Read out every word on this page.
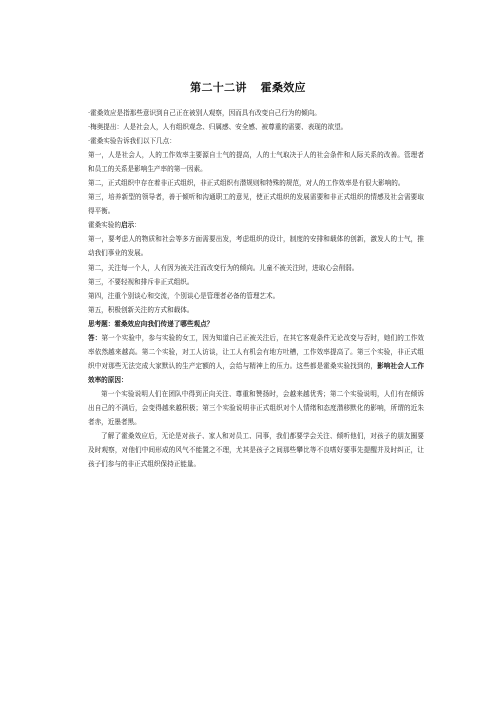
第二十二讲 霍桑效应

·霍桑效应是指那些意识到自己正在被别人观察，因而具有改变自己行为的倾向。

·梅奥提出：人是社会人，人有组织观念、归属感、安全感、被尊重的需要、表现的欲望。

·霍桑实验告诉我们以下几点：

第一，人是社会人，人的工作效率主要源自士气的提高，人的士气取决于人的社会条件和人际关系的改善。管理者和员工的关系是影响生产率的第一因素。

第二，正式组织中存在着非正式组织，非正式组织有潜规则和特殊的规范，对人的工作效率是有很大影响的。

第三，培养新型的领导者，善于倾听和沟通职工的意见，使正式组织的发展需要和非正式组织的情感及社会需要取得平衡。

霍桑实验的启示：

第一，要考虑人的物质和社会等多方面需要出发，考虑组织的设计，制度的安排和载体的创新，激发人的士气，推动我们事业的发展。

第二，关注每一个人，人有因为被关注而改变行为的倾向。儿童不被关注时，进取心会削弱。

第三，不要轻视和排斥非正式组织。

第四，注重个别谈心和交流，个别谈心是管理者必备的管理艺术。

第五，积极创新关注的方式和载体。

思考题：霍桑效应向我们传递了哪些观点？

答：第一个实验中，参与实验的女工，因为知道自己正被关注后，在其它客观条件无论改变与否时，她们的工作效率依然越来越高。第二个实验，对工人访谈，让工人有机会有地方吐槽，工作效率提高了。第三个实验，非正式组织中对那些无法完成大家默认的生产定额的人，会给与精神上的压力。这些都是霍桑实验找到的，影响社会人工作效率的原因：

第一个实验说明人们在团队中得到正向关注、尊重和赞扬时，会越来越优秀；第二个实验说明，人们有在倾诉出自己的不满后，会变得越来越积极；第三个实验说明非正式组织对个人情绪和态度潜移默化的影响，所谓的近朱者赤，近墨者黑。

了解了霍桑效应后，无论是对孩子、家人和对员工、同事，我们都要学会关注、倾听他们，对孩子的朋友圈要及时观察，对他们中间形成的风气不能置之不理，尤其是孩子之间那些攀比等不良嗜好要事先提醒并及时纠正，让孩子们参与的非正式组织保持正能量。
